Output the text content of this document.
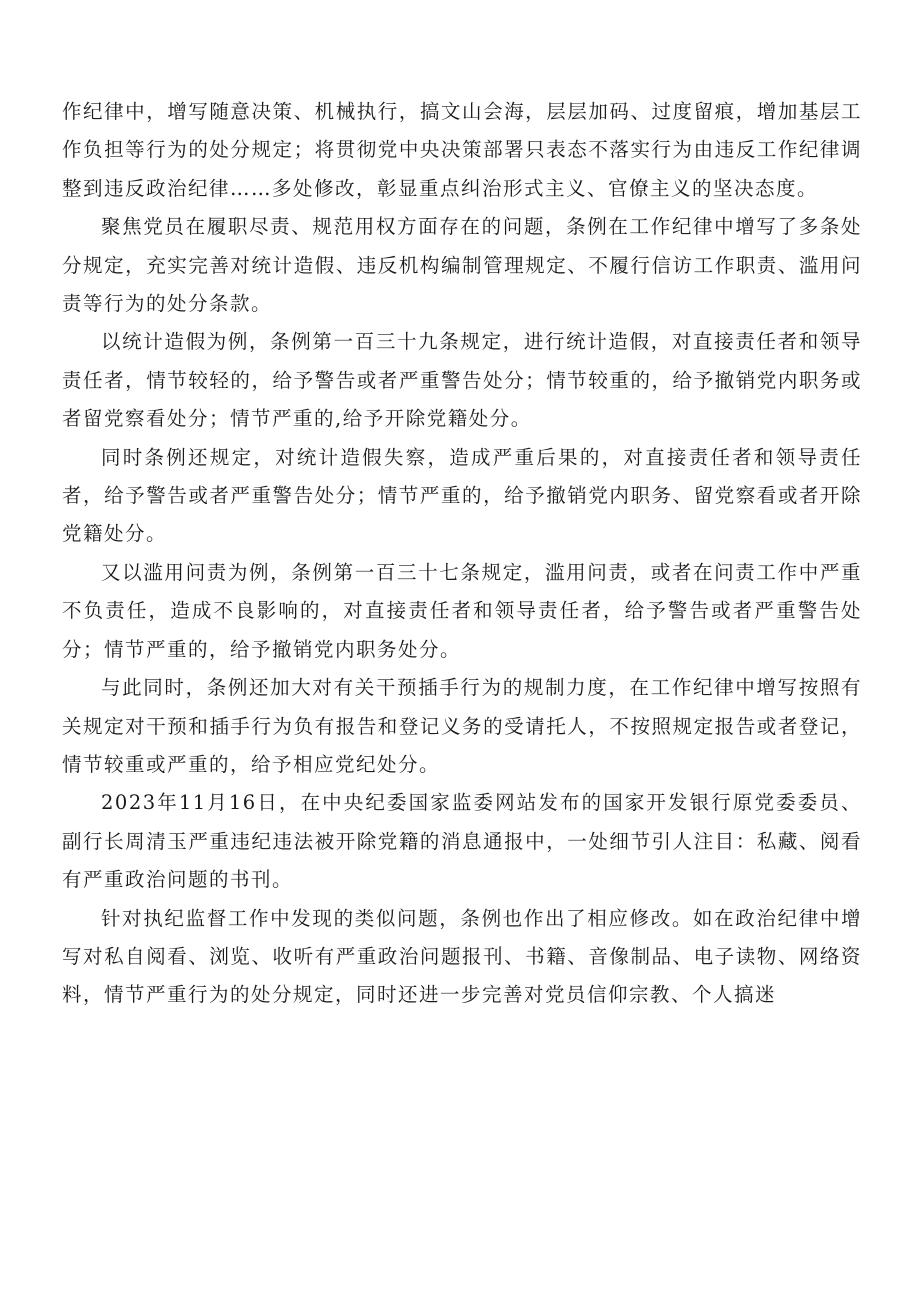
作纪律中，增写随意决策、机械执行，搞文山会海，层层加码、过度留痕，增加基层工作负担等行为的处分规定；将贯彻党中央决策部署只表态不落实行为由违反工作纪律调整到违反政治纪律……多处修改，彰显重点纠治形式主义、官僚主义的坚决态度。

聚焦党员在履职尽责、规范用权方面存在的问题，条例在工作纪律中增写了多条处分规定，充实完善对统计造假、违反机构编制管理规定、不履行信访工作职责、滥用问责等行为的处分条款。

以统计造假为例，条例第一百三十九条规定，进行统计造假，对直接责任者和领导责任者，情节较轻的，给予警告或者严重警告处分；情节较重的，给予撤销党内职务或者留党察看处分；情节严重的,给予开除党籍处分。

同时条例还规定，对统计造假失察，造成严重后果的，对直接责任者和领导责任者，给予警告或者严重警告处分；情节严重的，给予撤销党内职务、留党察看或者开除党籍处分。

又以滥用问责为例，条例第一百三十七条规定，滥用问责，或者在问责工作中严重不负责任，造成不良影响的，对直接责任者和领导责任者，给予警告或者严重警告处分；情节严重的，给予撤销党内职务处分。

与此同时，条例还加大对有关干预插手行为的规制力度，在工作纪律中增写按照有关规定对干预和插手行为负有报告和登记义务的受请托人，不按照规定报告或者登记，情节较重或严重的，给予相应党纪处分。

2023年11月16日，在中央纪委国家监委网站发布的国家开发银行原党委委员、副行长周清玉严重违纪违法被开除党籍的消息通报中，一处细节引人注目：私藏、阅看有严重政治问题的书刊。

针对执纪监督工作中发现的类似问题，条例也作出了相应修改。如在政治纪律中增写对私自阅看、浏览、收听有严重政治问题报刊、书籍、音像制品、电子读物、网络资料，情节严重行为的处分规定，同时还进一步完善对党员信仰宗教、个人搞迷
